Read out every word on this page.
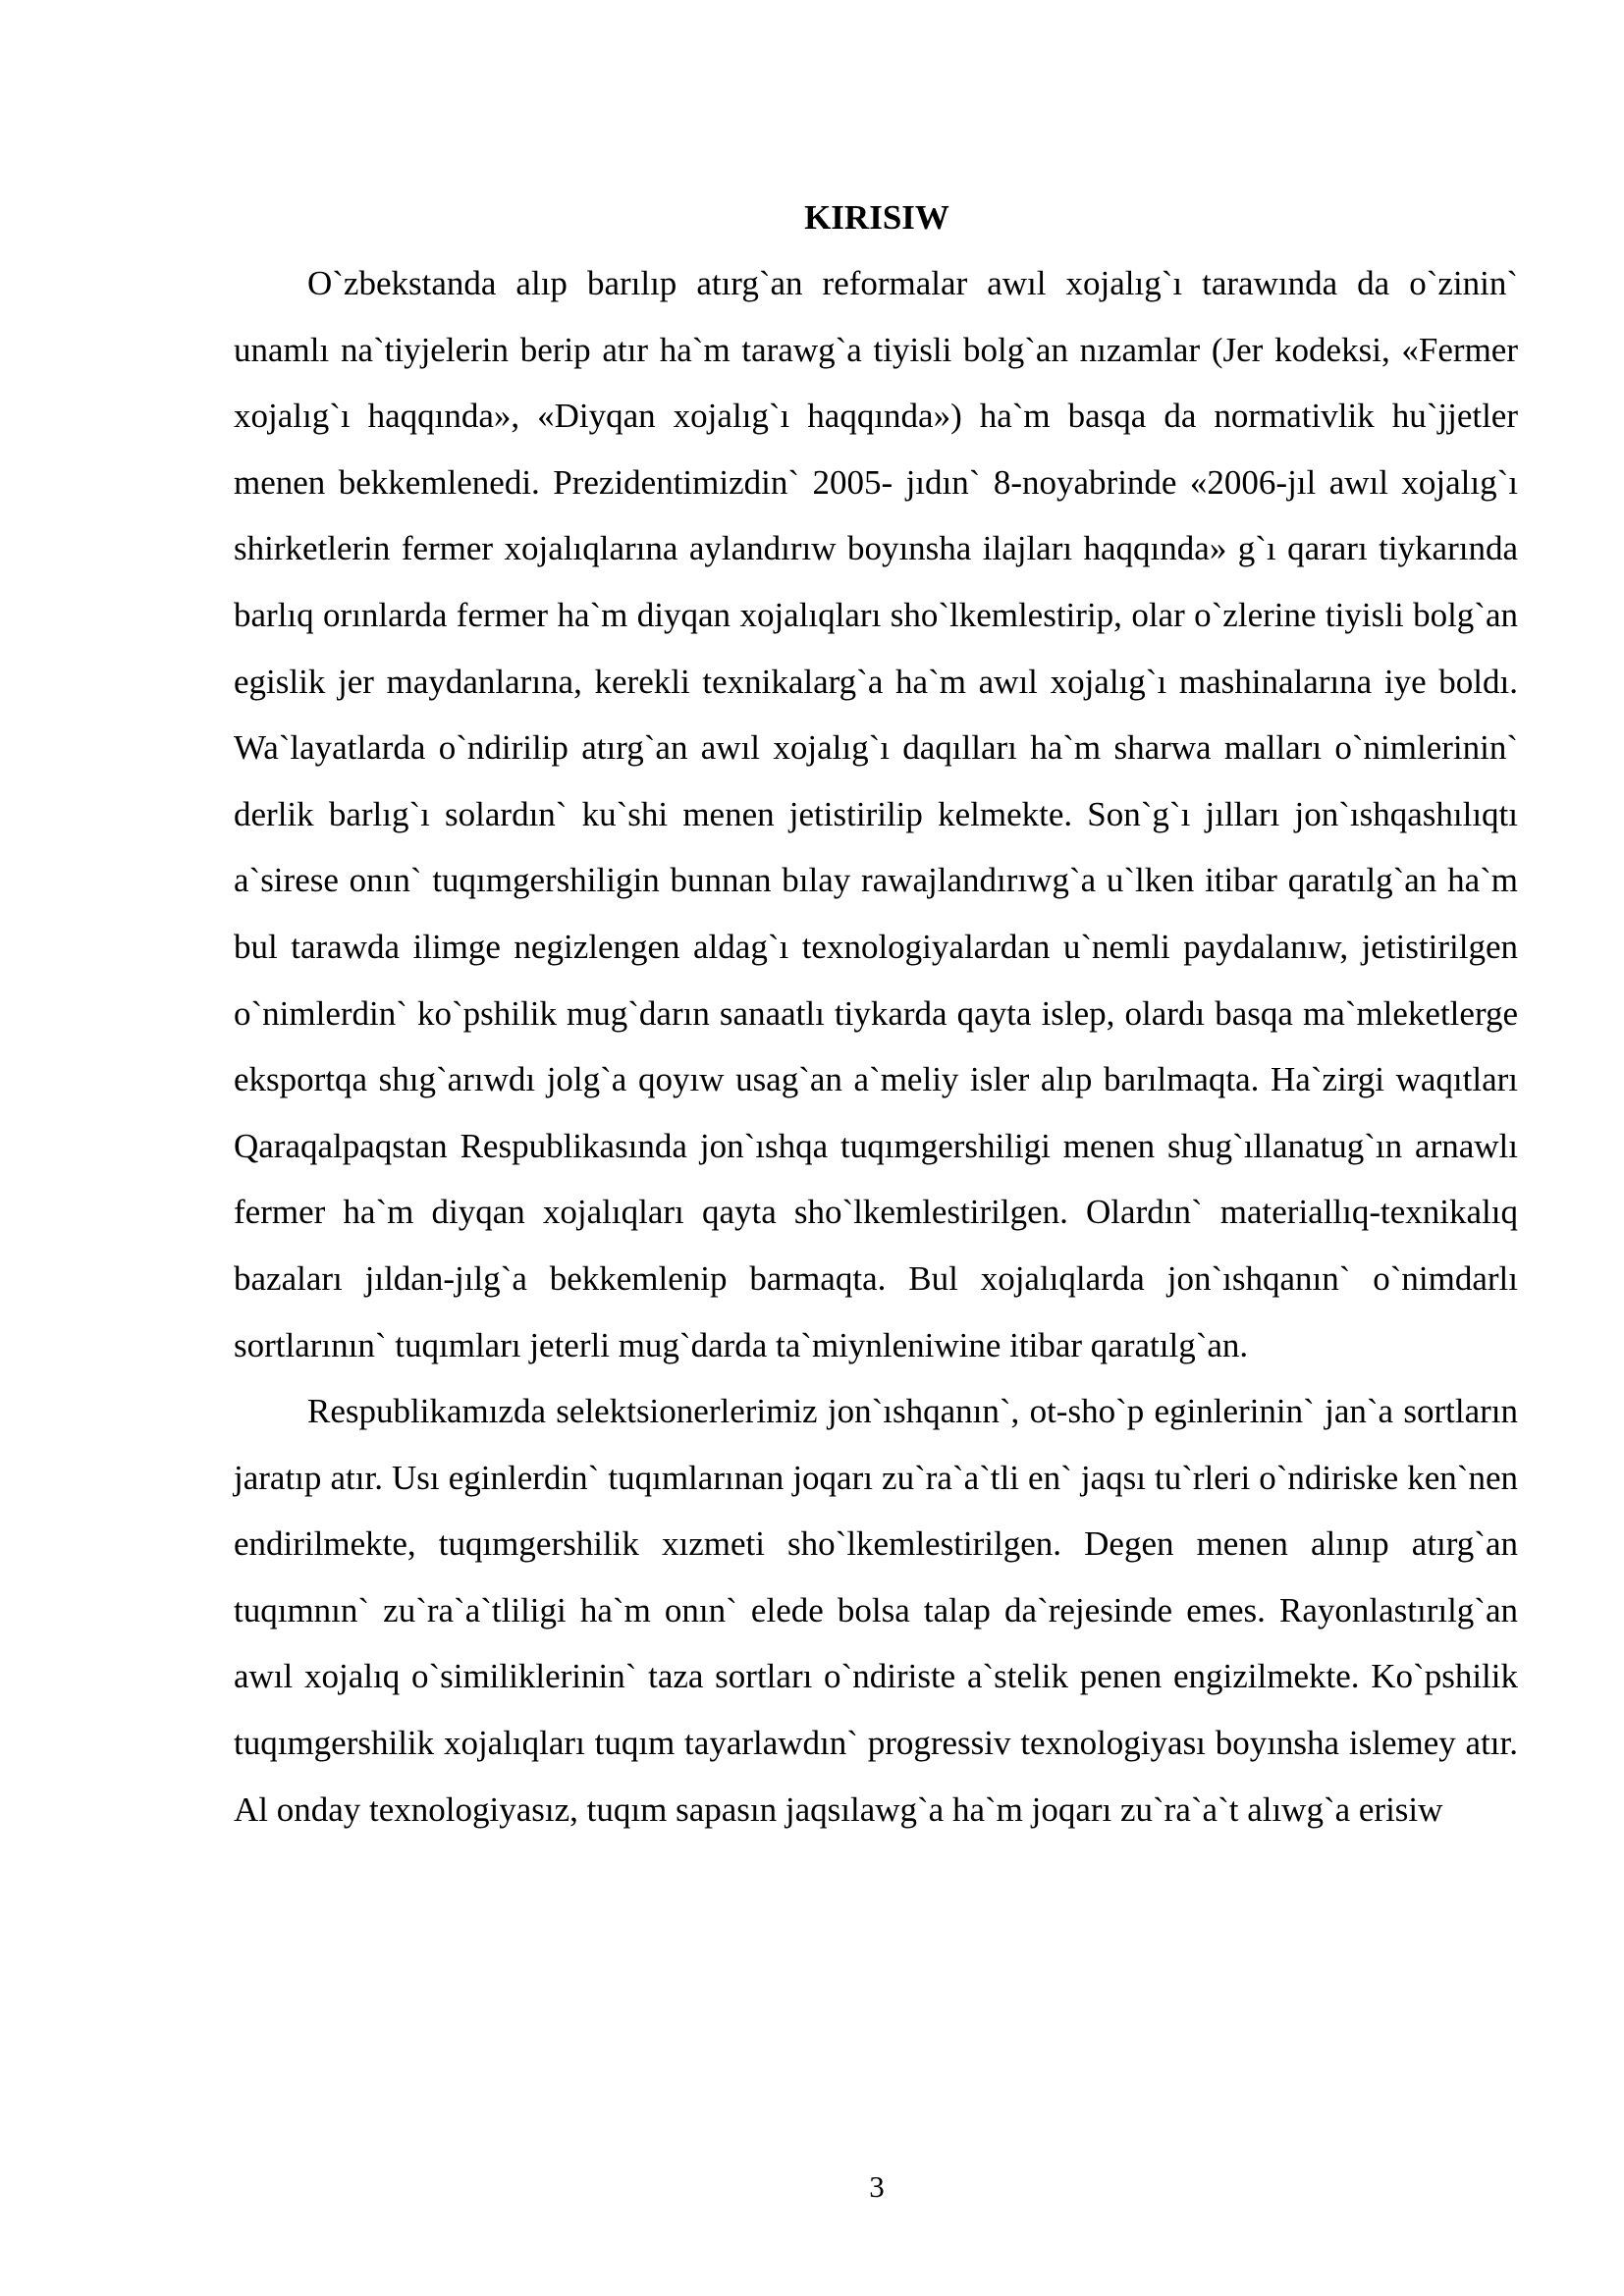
KIRISIW

O`zbekstanda alıp barılıp atırg`an reformalar awıl xojalıg`ı tarawında da o`zinin` unamlı na`tiyjelerin berip atır ha`m tarawg`a tiyisli bolg`an nızamlar (Jer kodeksi, «Fermer xojalıg`ı haqqında», «Diyqan xojalıg`ı haqqında») ha`m basqa da normativlik hu`jjetler menen bekkemlenedi. Prezidentimizdin` 2005- jıdın` 8-noyabrinde «2006-jıl awıl xojalıg`ı shirketlerin fermer xojalıqlarına aylandırıw boyınsha ilajları haqqında» g`ı qararı tiykarında barlıq orınlarda fermer ha`m diyqan xojalıqları sho`lkemlestirip, olar o`zlerine tiyisli bolg`an egislik jer maydanlarına, kerekli texnikalarg`a ha`m awıl xojalıg`ı mashinalarına iye boldı. Wa`layatlarda o`ndirilip atırg`an awıl xojalıg`ı daqılları ha`m sharwa malları o`nimlerinin` derlik barlıg`ı solardın` ku`shi menen jetistirilip kelmekte. Son`g`ı jılları jon`ıshqashılıqtı a`sirese onın` tuqımgershiligin bunnan bılay rawajlandırıwg`a u`lken itibar qaratılg`an ha`m bul tarawda ilimge negizlengen aldag`ı texnologiyalardan u`nemli paydalanıw, jetistirilgen o`nimlerdin` ko`pshilik mug`darın sanaatlı tiykarda qayta islep, olardı basqa ma`mleketlerge eksportqa shıg`arıwdı jolg`a qoyıw usag`an a`meliy isler alıp barılmaqta. Ha`zirgi waqıtları Qaraqalpaqstan Respublikasında jon`ıshqa tuqımgershiligi menen shug`ıllanatug`ın arnawlı fermer ha`m diyqan xojalıqları qayta sho`lkemlestirilgen. Olardın` materiallıq-texnikalıq bazaları jıldan-jılg`a bekkemlenip barmaqta. Bul xojalıqlarda jon`ıshqanın` o`nimdarlı sortlarının` tuqımları jeterli mug`darda ta`miynleniwine itibar qaratılg`an.

Respublikamızda selektsionerlerimiz jon`ıshqanın`, ot-sho`p eginlerinin` jan`a sortların jaratıp atır. Usı eginlerdin` tuqımlarınan joqarı zu`ra`a`tli en` jaqsı tu`rleri o`ndiriske ken`nen endirilmekte, tuqımgershilik xızmeti sho`lkemlestirilgen. Degen menen alınıp atırg`an tuqımnın` zu`ra`a`tliligi ha`m onın` elede bolsa talap da`rejesinde emes. Rayonlastırılg`an awıl xojalıq o`similiklerinin` taza sortları o`ndiriste a`stelik penen engizilmekte. Ko`pshilik tuqımgershilik xojalıqları tuqım tayarlawdın` progressiv texnologiyası boyınsha islemey atır. Al onday texnologiyasız, tuqım sapasın jaqsılawg`a ha`m joqarı zu`ra`a`t alıwg`a erisiw

3
